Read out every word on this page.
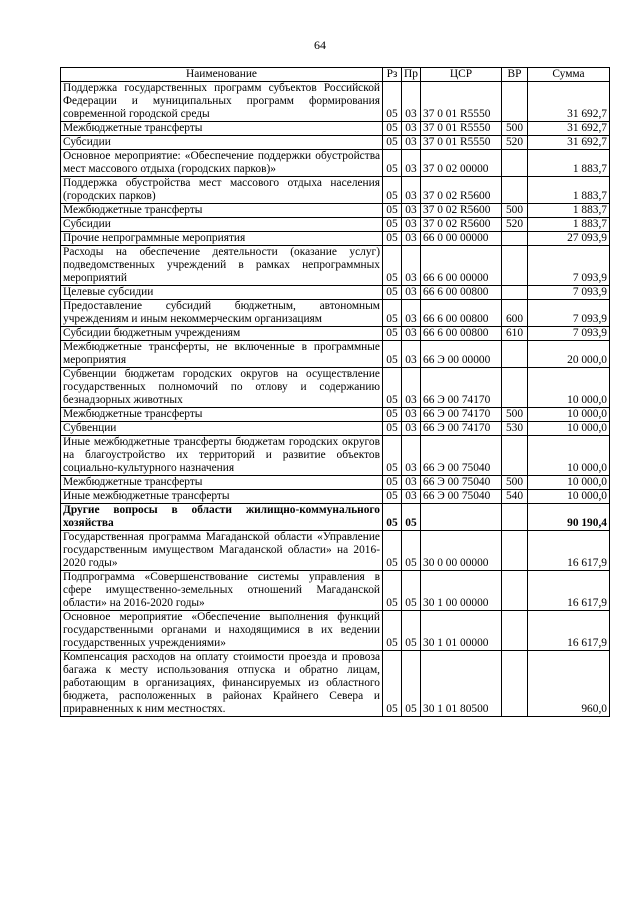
64
Наименование	Рз	Пр	ЦСР	ВР	Сумма
Поддержка государственных программ субъектов Российской Федерации и муниципальных программ формирования современной городской среды	05	03	37 0 01 R5550		31 692,7
Межбюджетные трансферты	05	03	37 0 01 R5550	500	31 692,7
Субсидии	05	03	37 0 01 R5550	520	31 692,7
Основное мероприятие: «Обеспечение поддержки обустройства мест массового отдыха (городских парков)»	05	03	37 0 02 00000		1 883,7
Поддержка обустройства мест массового отдыха населения (городских парков)	05	03	37 0 02 R5600		1 883,7
Межбюджетные трансферты	05	03	37 0 02 R5600	500	1 883,7
Субсидии	05	03	37 0 02 R5600	520	1 883,7
Прочие непрограммные мероприятия	05	03	66 0 00 00000		27 093,9
Расходы на обеспечение деятельности (оказание услуг) подведомственных учреждений в рамках непрограммных мероприятий	05	03	66 6 00 00000		7 093,9
Целевые субсидии	05	03	66 6 00 00800		7 093,9
Предоставление субсидий бюджетным, автономным учреждениям и иным некоммерческим организациям	05	03	66 6 00 00800	600	7 093,9
Субсидии бюджетным учреждениям	05	03	66 6 00 00800	610	7 093,9
Межбюджетные трансферты, не включенные в программные мероприятия	05	03	66 Э 00 00000		20 000,0
Субвенции бюджетам городских округов на осуществление государственных полномочий по отлову и содержанию безнадзорных животных	05	03	66 Э 00 74170		10 000,0
Межбюджетные трансферты	05	03	66 Э 00 74170	500	10 000,0
Субвенции	05	03	66 Э 00 74170	530	10 000,0
Иные межбюджетные трансферты бюджетам городских округов на благоустройство их территорий и развитие объектов социально-культурного назначения	05	03	66 Э 00 75040		10 000,0
Межбюджетные трансферты	05	03	66 Э 00 75040	500	10 000,0
Иные межбюджетные трансферты	05	03	66 Э 00 75040	540	10 000,0
Другие вопросы в области жилищно-коммунального хозяйства	05	05			90 190,4
Государственная программа Магаданской области «Управление государственным имуществом Магаданской области» на 2016-2020 годы»	05	05	30 0 00 00000		16 617,9
Подпрограмма «Совершенствование системы управления в сфере имущественно-земельных отношений Магаданской области» на 2016-2020 годы»	05	05	30 1 00 00000		16 617,9
Основное мероприятие «Обеспечение выполнения функций государственными органами и находящимися в их ведении государственных учреждениями»	05	05	30 1 01 00000		16 617,9
Компенсация расходов на оплату стоимости проезда и провоза багажа к месту использования отпуска и обратно лицам, работающим в организациях, финансируемых из областного бюджета, расположенных в районах Крайнего Севера и приравненных к ним местностях.	05	05	30 1 01 80500		960,0
